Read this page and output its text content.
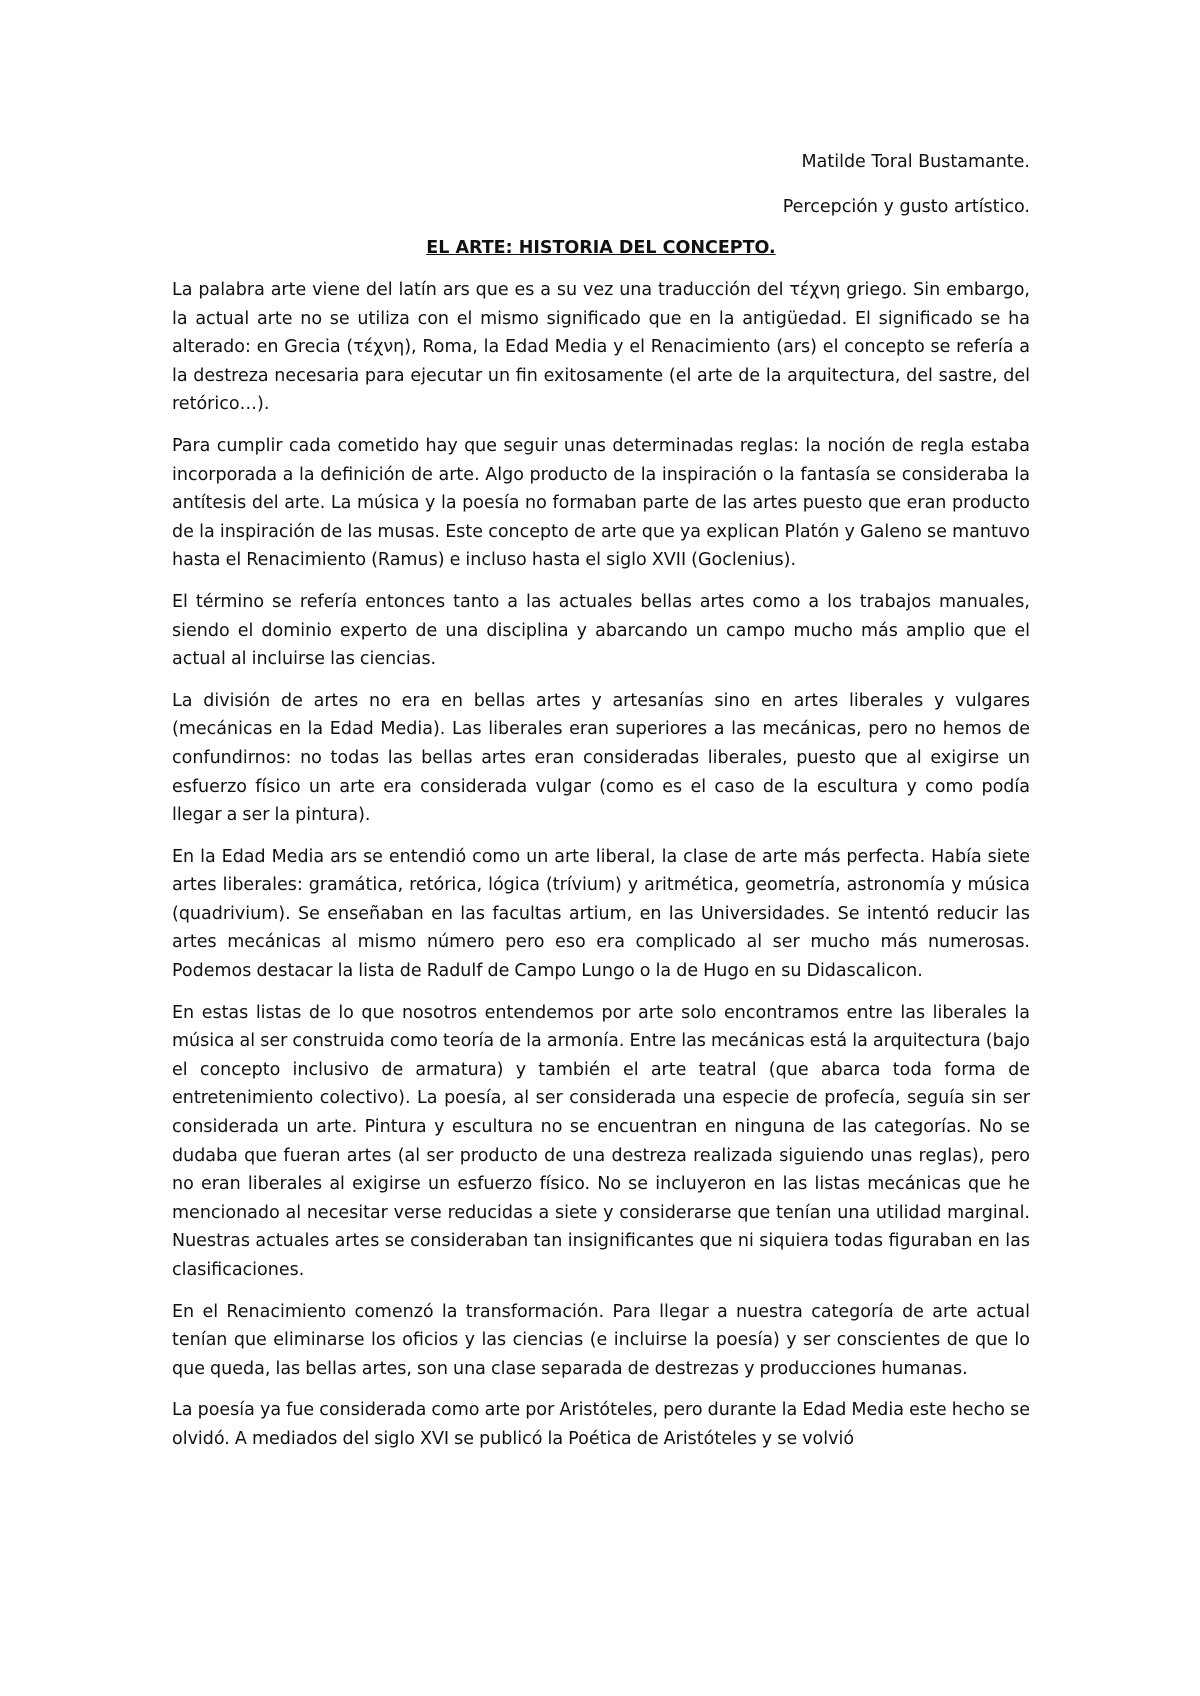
Matilde Toral Bustamante.
Percepción y gusto artístico.
EL ARTE: HISTORIA DEL CONCEPTO.

La palabra arte viene del latín ars que es a su vez una traducción del τέχνη griego. Sin embargo, la actual arte no se utiliza con el mismo significado que en la antigüedad. El significado se ha alterado: en Grecia (τέχνη), Roma, la Edad Media y el Renacimiento (ars) el concepto se refería a la destreza necesaria para ejecutar un fin exitosamente (el arte de la arquitectura, del sastre, del retórico…).

Para cumplir cada cometido hay que seguir unas determinadas reglas: la noción de regla estaba incorporada a la definición de arte. Algo producto de la inspiración o la fantasía se consideraba la antítesis del arte. La música y la poesía no formaban parte de las artes puesto que eran producto de la inspiración de las musas. Este concepto de arte que ya explican Platón y Galeno se mantuvo hasta el Renacimiento (Ramus) e incluso hasta el siglo XVII (Goclenius).

El término se refería entonces tanto a las actuales bellas artes como a los trabajos manuales, siendo el dominio experto de una disciplina y abarcando un campo mucho más amplio que el actual al incluirse las ciencias.

La división de artes no era en bellas artes y artesanías sino en artes liberales y vulgares (mecánicas en la Edad Media). Las liberales eran superiores a las mecánicas, pero no hemos de confundirnos: no todas las bellas artes eran consideradas liberales, puesto que al exigirse un esfuerzo físico un arte era considerada vulgar (como es el caso de la escultura y como podía llegar a ser la pintura).

En la Edad Media ars se entendió como un arte liberal, la clase de arte más perfecta. Había siete artes liberales: gramática, retórica, lógica (trívium) y aritmética, geometría, astronomía y música (quadrivium). Se enseñaban en las facultas artium, en las Universidades. Se intentó reducir las artes mecánicas al mismo número pero eso era complicado al ser mucho más numerosas. Podemos destacar la lista de Radulf de Campo Lungo o la de Hugo en su Didascalicon.

En estas listas de lo que nosotros entendemos por arte solo encontramos entre las liberales la música al ser construida como teoría de la armonía. Entre las mecánicas está la arquitectura (bajo el concepto inclusivo de armatura) y también el arte teatral (que abarca toda forma de entretenimiento colectivo). La poesía, al ser considerada una especie de profecía, seguía sin ser considerada un arte. Pintura y escultura no se encuentran en ninguna de las categorías. No se dudaba que fueran artes (al ser producto de una destreza realizada siguiendo unas reglas), pero no eran liberales al exigirse un esfuerzo físico. No se incluyeron en las listas mecánicas que he mencionado al necesitar verse reducidas a siete y considerarse que tenían una utilidad marginal. Nuestras actuales artes se consideraban tan insignificantes que ni siquiera todas figuraban en las clasificaciones.

En el Renacimiento comenzó la transformación. Para llegar a nuestra categoría de arte actual tenían que eliminarse los oficios y las ciencias (e incluirse la poesía) y ser conscientes de que lo que queda, las bellas artes, son una clase separada de destrezas y producciones humanas.

La poesía ya fue considerada como arte por Aristóteles, pero durante la Edad Media este hecho se olvidó. A mediados del siglo XVI se publicó la Poética de Aristóteles y se volvió
